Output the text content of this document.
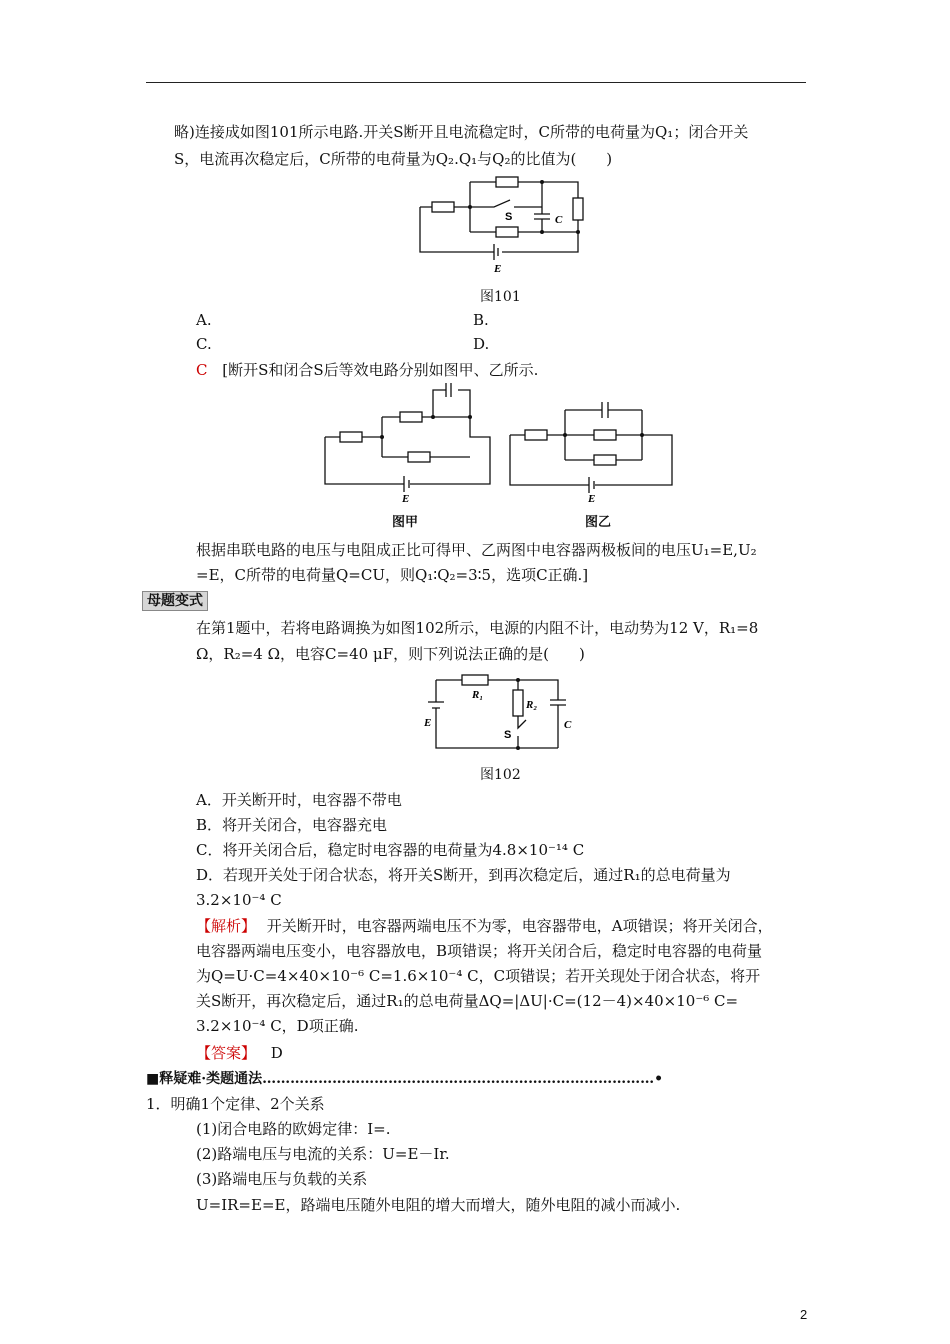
略)连接成如图101所示电路.开关S断开且电流稳定时，C所带的电荷量为Q₁；闭合开关
S，电流再次稳定后，C所带的电荷量为Q₂.Q₁与Q₂的比值为(　　)
S	C
E
图101
A.	B.
C.	D.
C [断开S和闭合S后等效电路分别如图甲、乙所示.
E
图甲
E
图乙
根据串联电路的电压与电阻成正比可得甲、乙两图中电容器两极板间的电压U₁=E,U₂
=E，C所带的电荷量Q=CU，则Q₁∶Q₂=3∶5，选项C正确.]
母题变式
在第1题中，若将电路调换为如图102所示，电源的内阻不计，电动势为12 V，R₁=8
Ω，R₂=4 Ω，电容C=40 μF，则下列说法正确的是(　　)
R₁
R₂
E
S
C
图102
A．开关断开时，电容器不带电
B．将开关闭合，电容器充电
C．将开关闭合后，稳定时电容器的电荷量为4.8×10⁻¹⁴ C
D．若现开关处于闭合状态，将开关S断开，到再次稳定后，通过R₁的总电荷量为
3.2×10⁻⁴ C
【解析】 开关断开时，电容器两端电压不为零，电容器带电，A项错误；将开关闭合，
电容器两端电压变小，电容器放电，B项错误；将开关闭合后，稳定时电容器的电荷量
为Q=U·C=4×40×10⁻⁶ C=1.6×10⁻⁴ C，C项错误；若开关现处于闭合状态，将开
关S断开，再次稳定后，通过R₁的总电荷量ΔQ=|ΔU|·C=(12－4)×40×10⁻⁶ C=
3.2×10⁻⁴ C，D项正确.
【答案】 D
■释疑难·类题通法…………………………………………………………………………•
1．明确1个定律、2个关系
(1)闭合电路的欧姆定律：I=.
(2)路端电压与电流的关系：U=E－Ir.
(3)路端电压与负载的关系
U=IR=E=E，路端电压随外电阻的增大而增大，随外电阻的减小而减小.
2
